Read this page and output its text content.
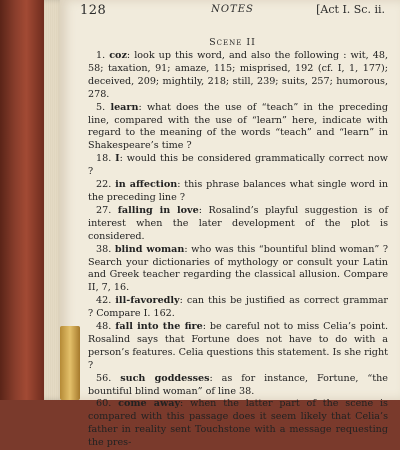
128	NOTES	[Act I. Sc. ii.
Scene II

1. coz: look up this word, and also the following : wit, 48, 58; taxation, 91; amaze, 115; misprised, 192 (cf. I, 1, 177); deceived, 209; mightily, 218; still, 239; suits, 257; humorous, 278.

5. learn: what does the use of “teach” in the preceding line, compared with the use of “learn” here, indicate with regard to the meaning of the words “teach” and “learn” in Shakespeare’s time ?

18. I: would this be considered grammatically correct now ?

22. in affection: this phrase balances what single word in the preceding line ?

27. falling in love: Rosalind’s playful suggestion is of interest when the later development of the plot is considered.

38. blind woman: who was this “bountiful blind woman” ? Search your dictionaries of mythology or consult your Latin and Greek teacher regarding the classical allusion. Compare II, 7, 16.

42. ill-favoredly: can this be justified as correct grammar ? Compare I. 162.

48. fall into the fire: be careful not to miss Celia’s point. Rosalind says that Fortune does not have to do with a person’s features. Celia questions this statement. Is she right ?

56. such goddesses: as for instance, Fortune, “the bountiful blind woman” of line 38.

60. come away: when the latter part of the scene is compared with this passage does it seem likely that Celia’s father in reality sent Touchstone with a message requesting the pres-
